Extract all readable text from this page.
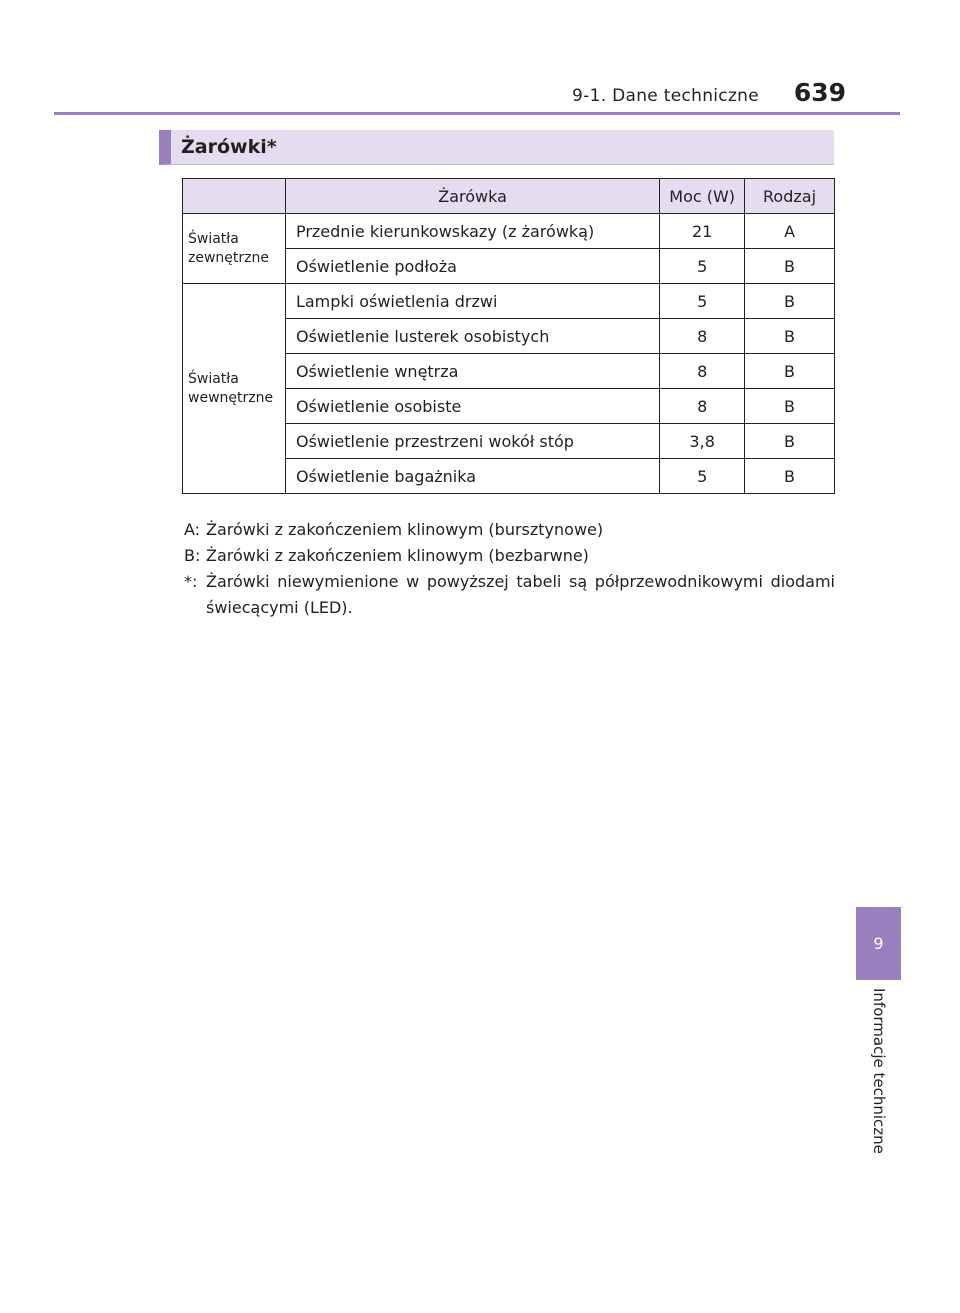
9-1. Dane techniczne 639
Żarówki*
	Żarówka	Moc (W)	Rodzaj
Światła zewnętrzne	Przednie kierunkowskazy (z żarówką)	21	A
	Oświetlenie podłoża	5	B
Światła wewnętrzne	Lampki oświetlenia drzwi	5	B
	Oświetlenie lusterek osobistych	8	B
	Oświetlenie wnętrza	8	B
	Oświetlenie osobiste	8	B
	Oświetlenie przestrzeni wokół stóp	3,8	B
	Oświetlenie bagażnika	5	B
A: Żarówki z zakończeniem klinowym (bursztynowe)
B: Żarówki z zakończeniem klinowym (bezbarwne)
*: Żarówki niewymienione w powyższej tabeli są półprzewodnikowymi diodami świecącymi (LED).
9
Informacje techniczne
